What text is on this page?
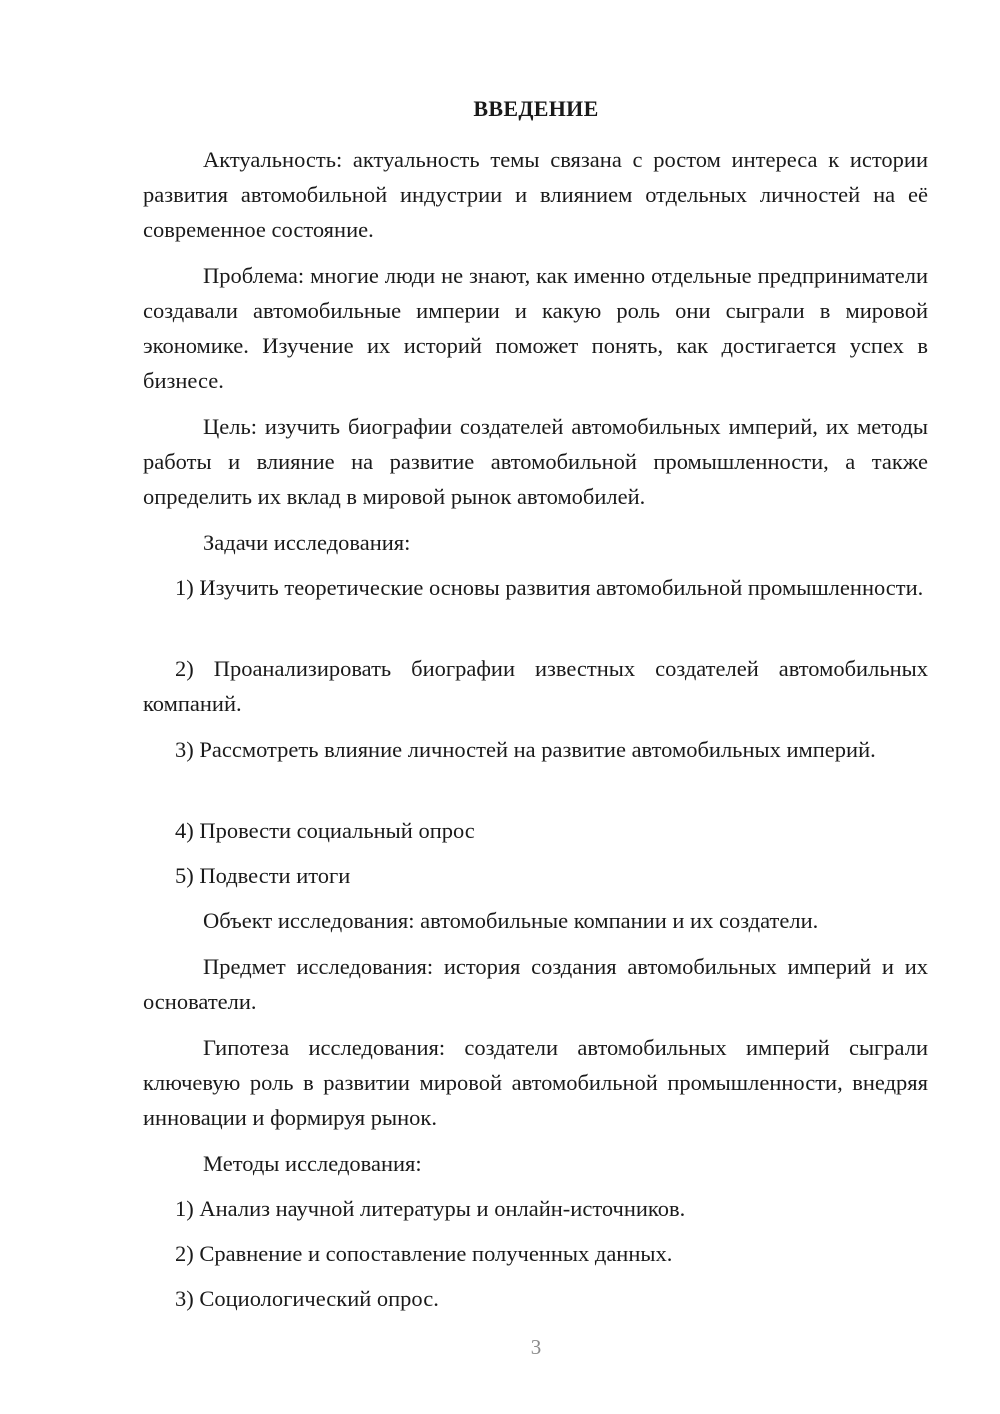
ВВЕДЕНИЕ

Актуальность: актуальность темы связана с ростом интереса к истории развития автомобильной индустрии и влиянием отдельных личностей на её современное состояние.

Проблема: многие люди не знают, как именно отдельные предприниматели создавали автомобильные империи и какую роль они сыграли в мировой экономике. Изучение их историй поможет понять, как достигается успех в бизнесе.

Цель: изучить биографии создателей автомобильных империй, их методы работы и влияние на развитие автомобильной промышленности, а также определить их вклад в мировой рынок автомобилей.

Задачи исследования:

1) Изучить теоретические основы развития автомобильной промышленности.

2) Проанализировать биографии известных создателей автомобильных компаний.

3) Рассмотреть влияние личностей на развитие автомобильных империй.

4) Провести социальный опрос

5) Подвести итоги

Объект исследования: автомобильные компании и их создатели.

Предмет исследования: история создания автомобильных империй и их основатели.

Гипотеза исследования: создатели автомобильных империй сыграли ключевую роль в развитии мировой автомобильной промышленности, внедряя инновации и формируя рынок.

Методы исследования:

1) Анализ научной литературы и онлайн-источников.

2) Сравнение и сопоставление полученных данных.

3) Социологический опрос.

3
